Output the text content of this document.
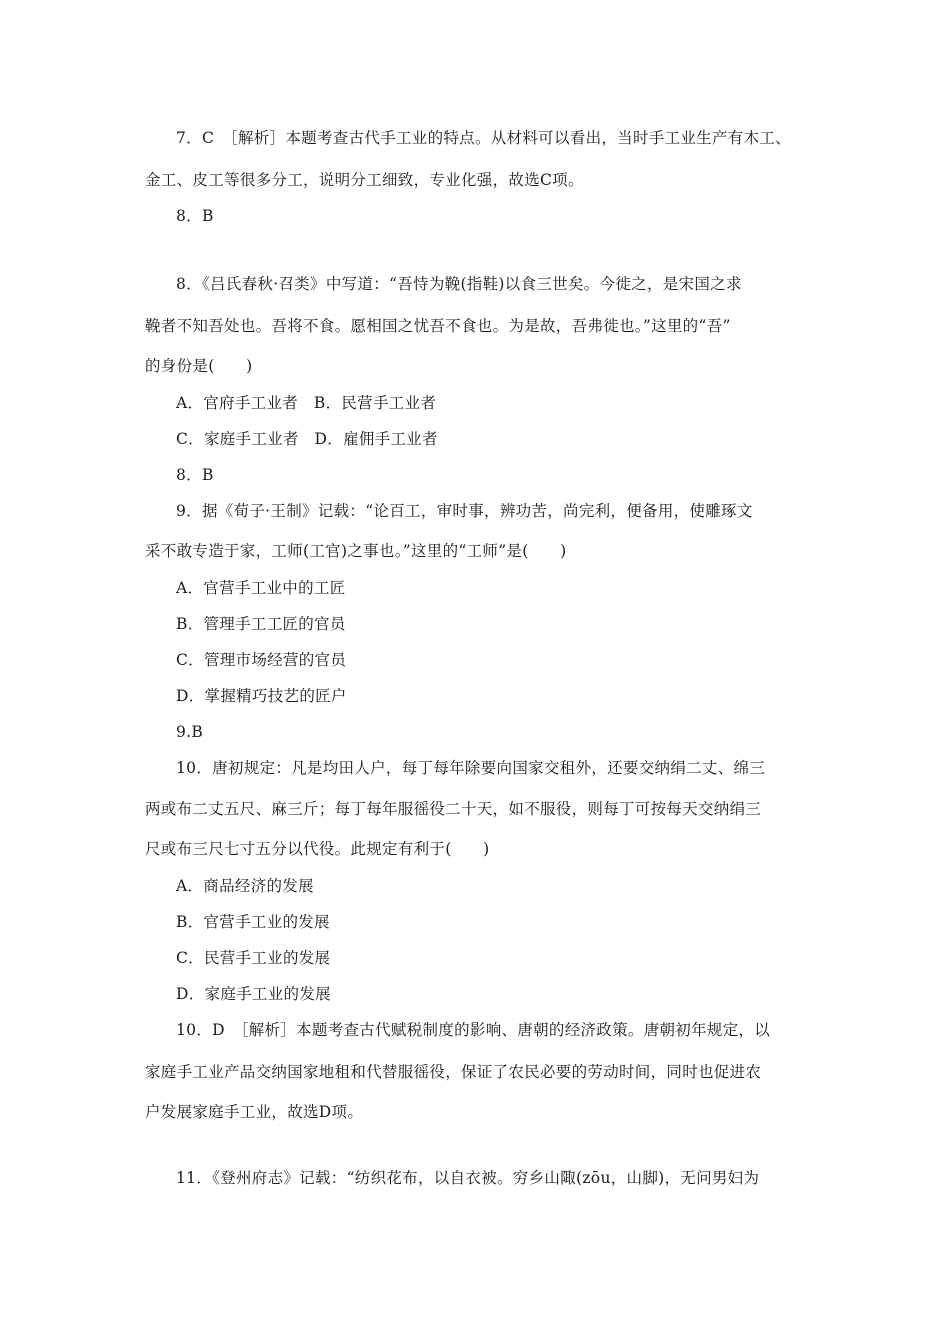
7．C　［解析］本题考查古代手工业的特点。从材料可以看出，当时手工业生产有木工、
金工、皮工等很多分工，说明分工细致，专业化强，故选C项。
8．B
8．《吕氏春秋·召类》中写道：“吾恃为鞔(指鞋)以食三世矣。今徙之，是宋国之求
鞔者不知吾处也。吾将不食。愿相国之忧吾不食也。为是故，吾弗徙也。”这里的“吾”
的身份是(　　)
A．官府手工业者　B．民营手工业者
C．家庭手工业者　D．雇佣手工业者
8．B
9．据《荀子·王制》记载：“论百工，审时事，辨功苦，尚完利，便备用，使雕琢文
采不敢专造于家，工师(工官)之事也。”这里的“工师”是(　　)
A．官营手工业中的工匠
B．管理手工工匠的官员
C．管理市场经营的官员
D．掌握精巧技艺的匠户
9.B
10．唐初规定：凡是均田人户，每丁每年除要向国家交租外，还要交纳绢二丈、绵三
两或布二丈五尺、麻三斤；每丁每年服徭役二十天，如不服役，则每丁可按每天交纳绢三
尺或布三尺七寸五分以代役。此规定有利于(　　)
A．商品经济的发展
B．官营手工业的发展
C．民营手工业的发展
D．家庭手工业的发展
10．D　［解析］本题考查古代赋税制度的影响、唐朝的经济政策。唐朝初年规定，以
家庭手工业产品交纳国家地租和代替服徭役，保证了农民必要的劳动时间，同时也促进农
户发展家庭手工业，故选D项。
11．《登州府志》记载：“纺织花布，以自衣被。穷乡山陬(zōu，山脚)，无问男妇为
